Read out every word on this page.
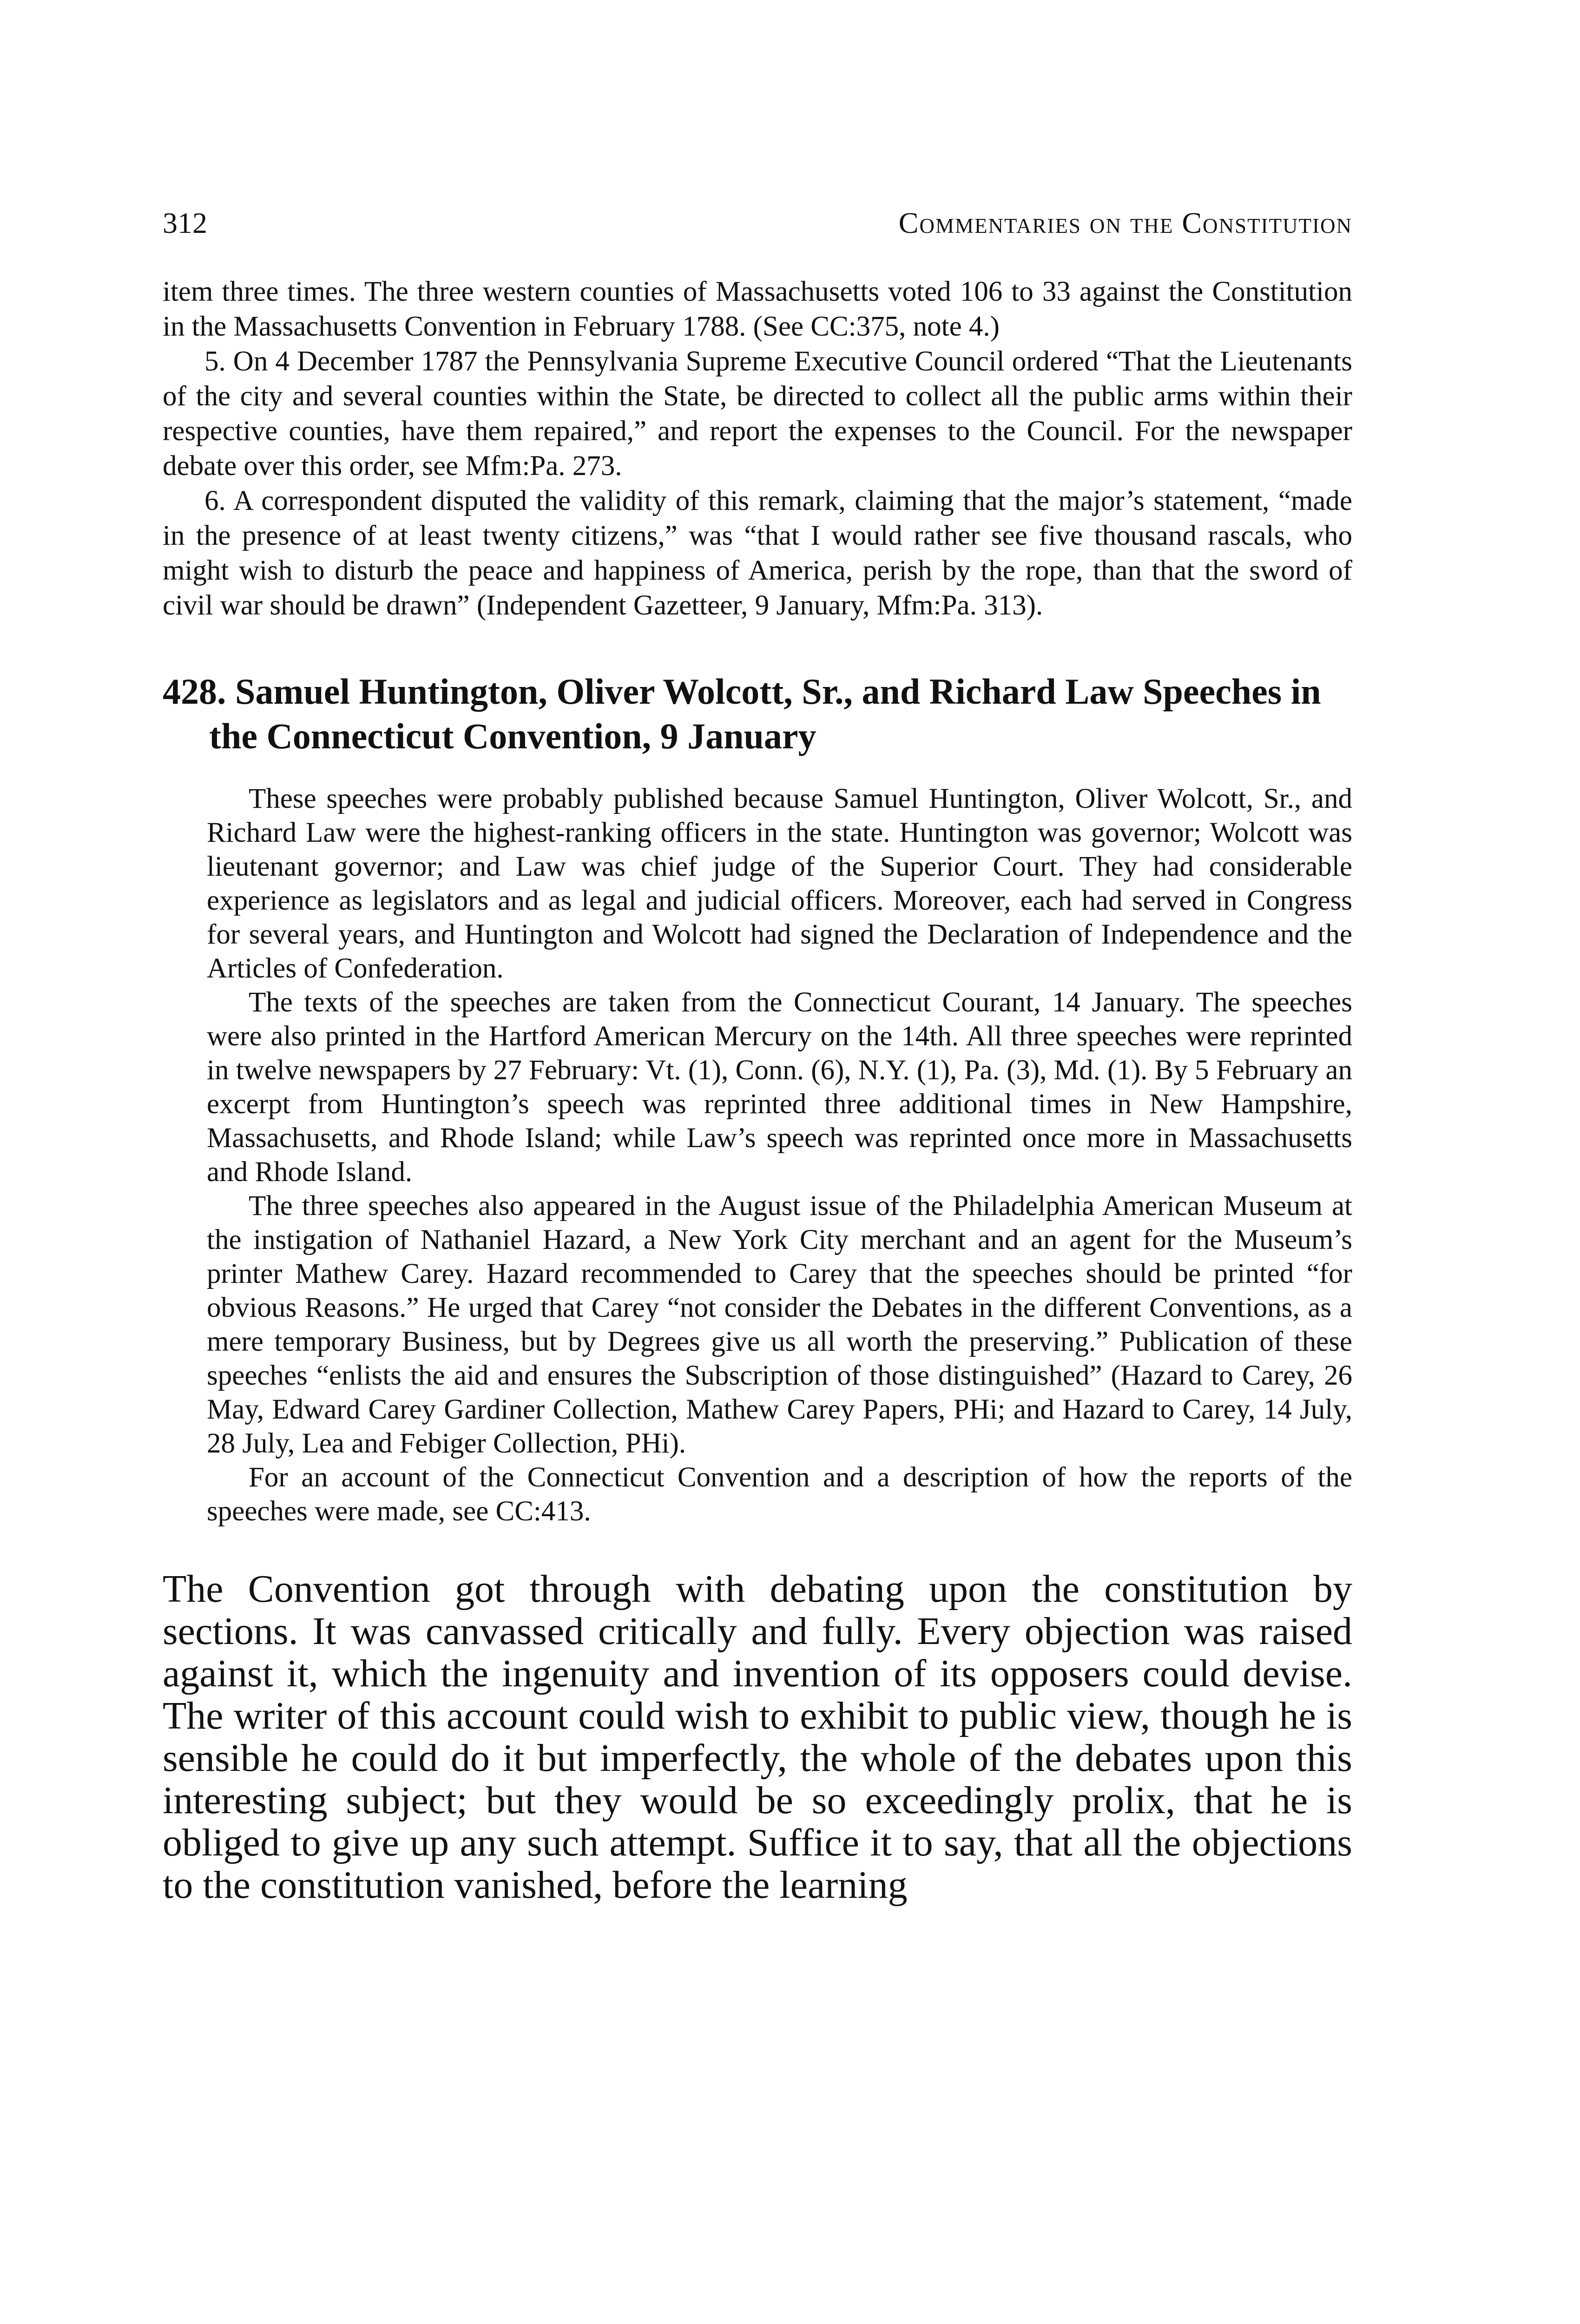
312	Commentaries on the Constitution

item three times. The three western counties of Massachusetts voted 106 to 33 against the Constitution in the Massachusetts Convention in February 1788. (See CC:375, note 4.)

5. On 4 December 1787 the Pennsylvania Supreme Executive Council ordered “That the Lieutenants of the city and several counties within the State, be directed to collect all the public arms within their respective counties, have them repaired,” and report the expenses to the Council. For the newspaper debate over this order, see Mfm:Pa. 273.

6. A correspondent disputed the validity of this remark, claiming that the major’s statement, “made in the presence of at least twenty citizens,” was “that I would rather see five thousand rascals, who might wish to disturb the peace and happiness of America, perish by the rope, than that the sword of civil war should be drawn” (Independent Gazetteer, 9 January, Mfm:Pa. 313).

428. Samuel Huntington, Oliver Wolcott, Sr., and Richard Law Speeches in the Connecticut Convention, 9 January

These speeches were probably published because Samuel Huntington, Oliver Wolcott, Sr., and Richard Law were the highest-ranking officers in the state. Huntington was governor; Wolcott was lieutenant governor; and Law was chief judge of the Superior Court. They had considerable experience as legislators and as legal and judicial officers. Moreover, each had served in Congress for several years, and Huntington and Wolcott had signed the Declaration of Independence and the Articles of Confederation.

The texts of the speeches are taken from the Connecticut Courant, 14 January. The speeches were also printed in the Hartford American Mercury on the 14th. All three speeches were reprinted in twelve newspapers by 27 February: Vt. (1), Conn. (6), N.Y. (1), Pa. (3), Md. (1). By 5 February an excerpt from Huntington’s speech was reprinted three additional times in New Hampshire, Massachusetts, and Rhode Island; while Law’s speech was reprinted once more in Massachusetts and Rhode Island.

The three speeches also appeared in the August issue of the Philadelphia American Museum at the instigation of Nathaniel Hazard, a New York City merchant and an agent for the Museum’s printer Mathew Carey. Hazard recommended to Carey that the speeches should be printed “for obvious Reasons.” He urged that Carey “not consider the Debates in the different Conventions, as a mere temporary Business, but by Degrees give us all worth the preserving.” Publication of these speeches “enlists the aid and ensures the Subscription of those distinguished” (Hazard to Carey, 26 May, Edward Carey Gardiner Collection, Mathew Carey Papers, PHi; and Hazard to Carey, 14 July, 28 July, Lea and Febiger Collection, PHi).

For an account of the Connecticut Convention and a description of how the reports of the speeches were made, see CC:413.

The Convention got through with debating upon the constitution by sections. It was canvassed critically and fully. Every objection was raised against it, which the ingenuity and invention of its opposers could devise. The writer of this account could wish to exhibit to public view, though he is sensible he could do it but imperfectly, the whole of the debates upon this interesting subject; but they would be so exceedingly prolix, that he is obliged to give up any such attempt. Suffice it to say, that all the objections to the constitution vanished, before the learning
